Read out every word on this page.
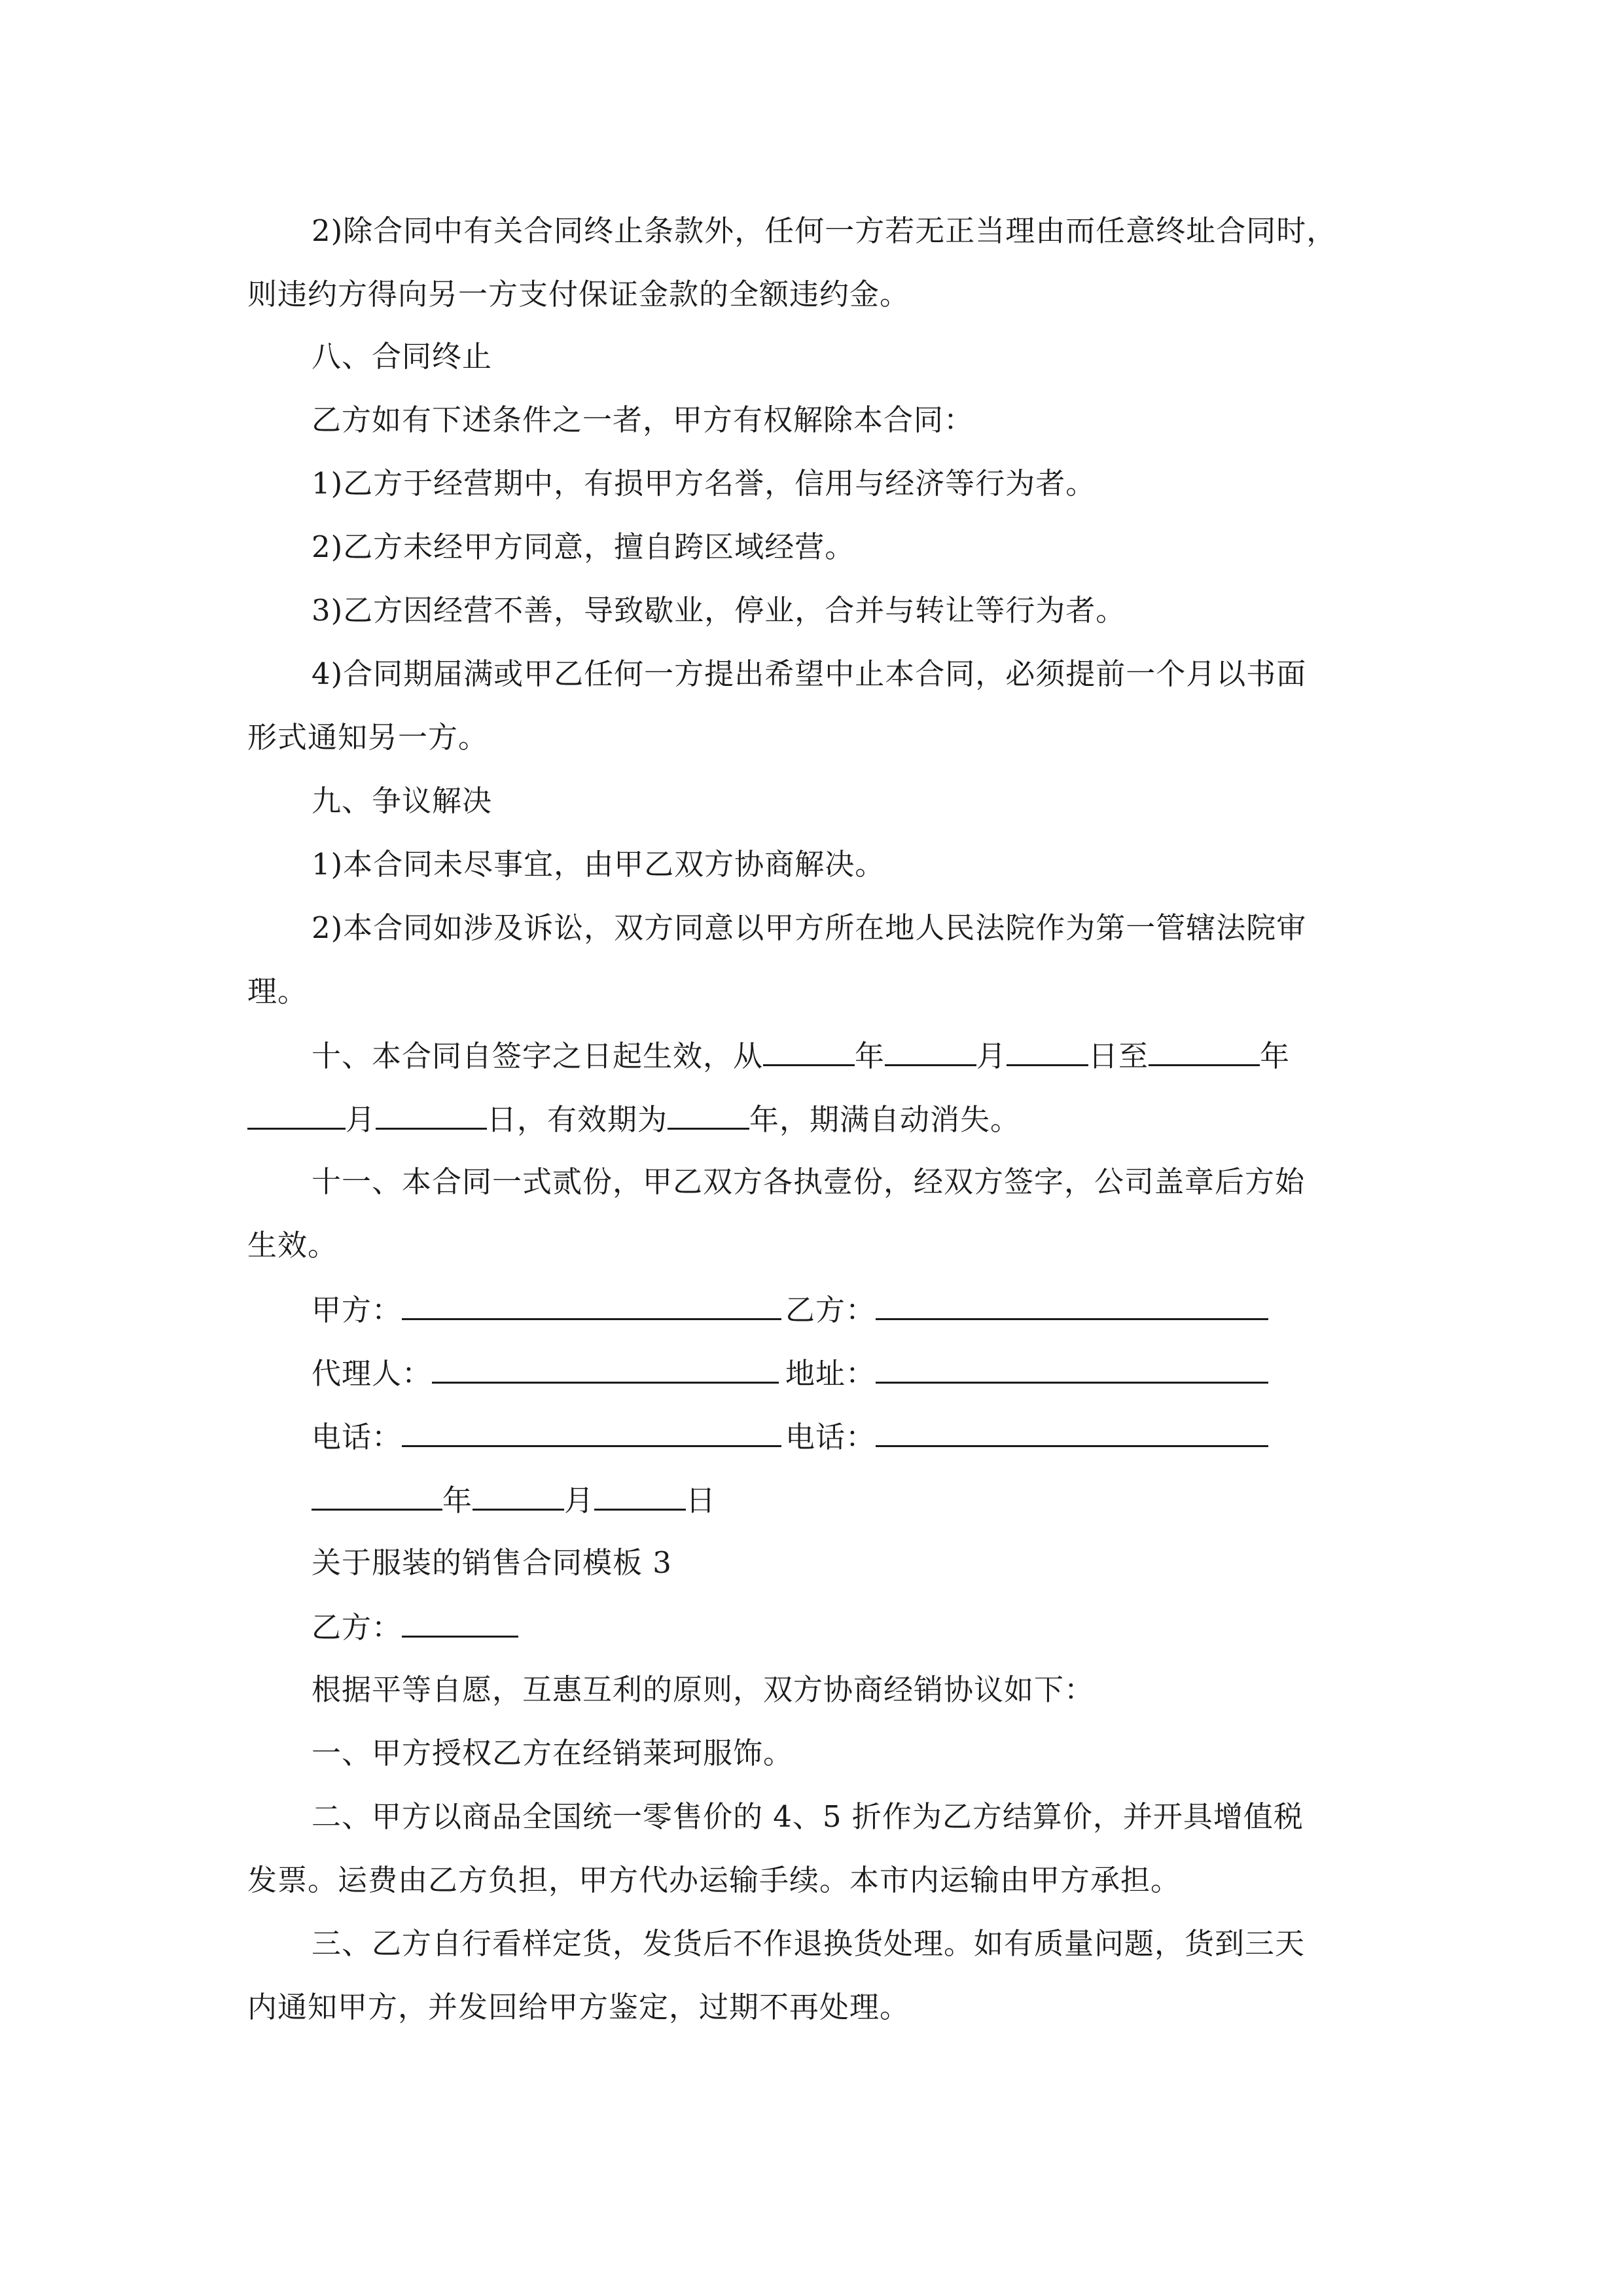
2)除合同中有关合同终止条款外，任何一方若无正当理由而任意终址合同时，
则违约方得向另一方支付保证金款的全额违约金。
八、合同终止
乙方如有下述条件之一者，甲方有权解除本合同：
1)乙方于经营期中，有损甲方名誉，信用与经济等行为者。
2)乙方未经甲方同意，擅自跨区域经营。
3)乙方因经营不善，导致歇业，停业，合并与转让等行为者。
4)合同期届满或甲乙任何一方提出希望中止本合同，必须提前一个月以书面
形式通知另一方。
九、争议解决
1)本合同未尽事宜，由甲乙双方协商解决。
2)本合同如涉及诉讼，双方同意以甲方所在地人民法院作为第一管辖法院审
理。
十、本合同自签字之日起生效，从	年	月	日至	年
月	日，有效期为	年，期满自动消失。
十一、本合同一式贰份，甲乙双方各执壹份，经双方签字，公司盖章后方始
生效。
甲方：	乙方：
代理人：	地址：
电话：	电话：
年	月	日
关于服装的销售合同模板 3
乙方：
根据平等自愿，互惠互利的原则，双方协商经销协议如下：
一、甲方授权乙方在经销莱珂服饰。
二、甲方以商品全国统一零售价的 4、5 折作为乙方结算价，并开具增值税
发票。运费由乙方负担，甲方代办运输手续。本市内运输由甲方承担。
三、乙方自行看样定货，发货后不作退换货处理。如有质量问题，货到三天
内通知甲方，并发回给甲方鉴定，过期不再处理。
